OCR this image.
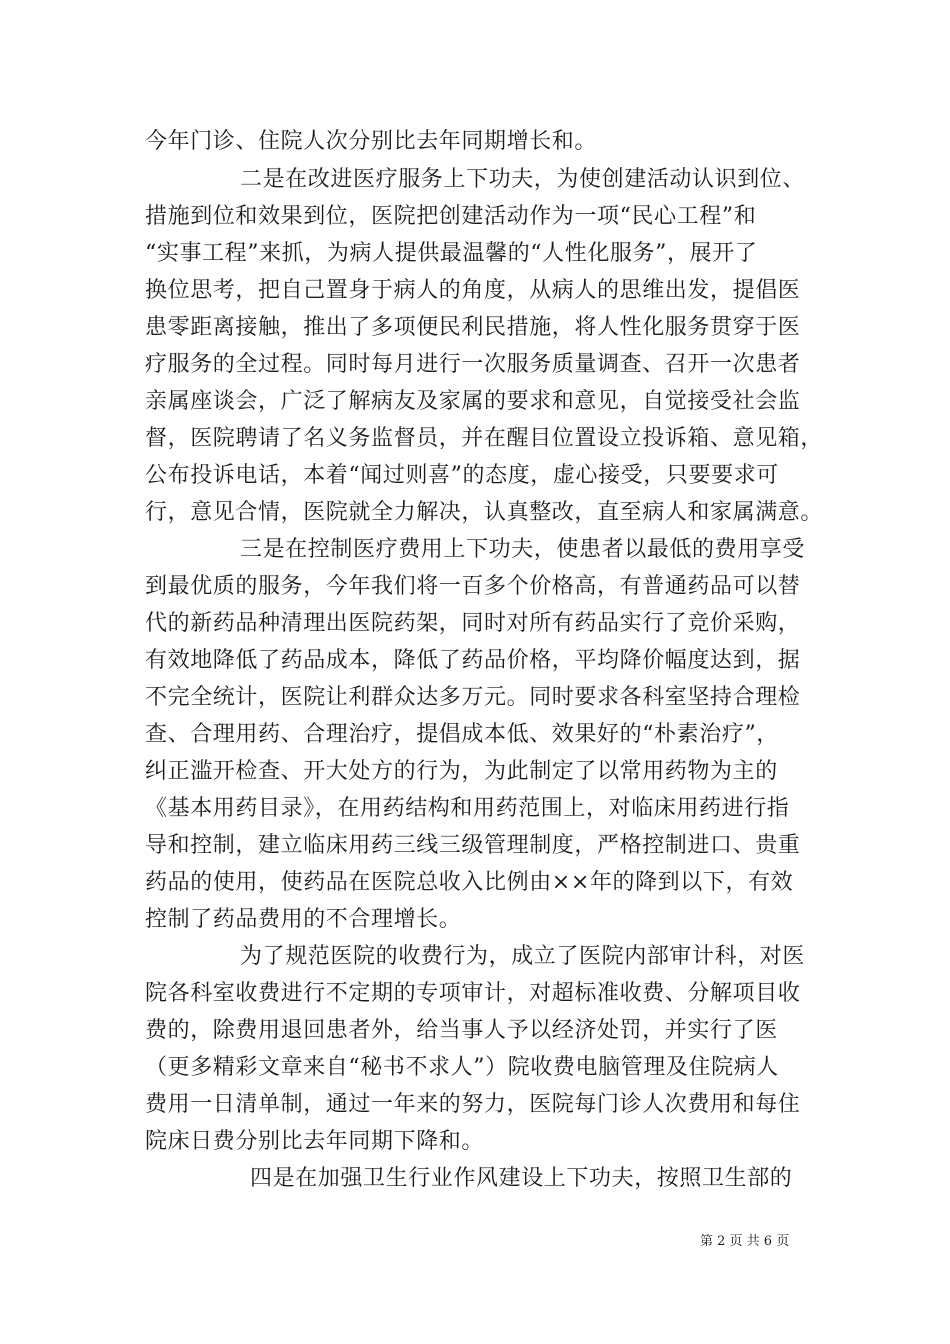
今年门诊、住院人次分别比去年同期增长和。
二是在改进医疗服务上下功夫，为使创建活动认识到位、
措施到位和效果到位，医院把创建活动作为一项“民心工程”和
“实事工程”来抓，为病人提供最温馨的“人性化服务”，展开了
换位思考，把自己置身于病人的角度，从病人的思维出发，提倡医
患零距离接触，推出了多项便民利民措施，将人性化服务贯穿于医
疗服务的全过程。同时每月进行一次服务质量调查、召开一次患者
亲属座谈会，广泛了解病友及家属的要求和意见，自觉接受社会监
督，医院聘请了名义务监督员，并在醒目位置设立投诉箱、意见箱，
公布投诉电话，本着“闻过则喜”的态度，虚心接受，只要要求可
行，意见合情，医院就全力解决，认真整改，直至病人和家属满意。
三是在控制医疗费用上下功夫，使患者以最低的费用享受
到最优质的服务，今年我们将一百多个价格高，有普通药品可以替
代的新药品种清理出医院药架，同时对所有药品实行了竞价采购，
有效地降低了药品成本，降低了药品价格，平均降价幅度达到，据
不完全统计，医院让利群众达多万元。同时要求各科室坚持合理检
查、合理用药、合理治疗，提倡成本低、效果好的“朴素治疗”，
纠正滥开检查、开大处方的行为，为此制定了以常用药物为主的
《基本用药目录》，在用药结构和用药范围上，对临床用药进行指
导和控制，建立临床用药三线三级管理制度，严格控制进口、贵重
药品的使用，使药品在医院总收入比例由××年的降到以下，有效
控制了药品费用的不合理增长。
为了规范医院的收费行为，成立了医院内部审计科，对医
院各科室收费进行不定期的专项审计，对超标准收费、分解项目收
费的，除费用退回患者外，给当事人予以经济处罚，并实行了医
（更多精彩文章来自“秘书不求人”）院收费电脑管理及住院病人
费用一日清单制，通过一年来的努力，医院每门诊人次费用和每住
院床日费分别比去年同期下降和。
四是在加强卫生行业作风建设上下功夫，按照卫生部的
第 2 页 共 6 页
